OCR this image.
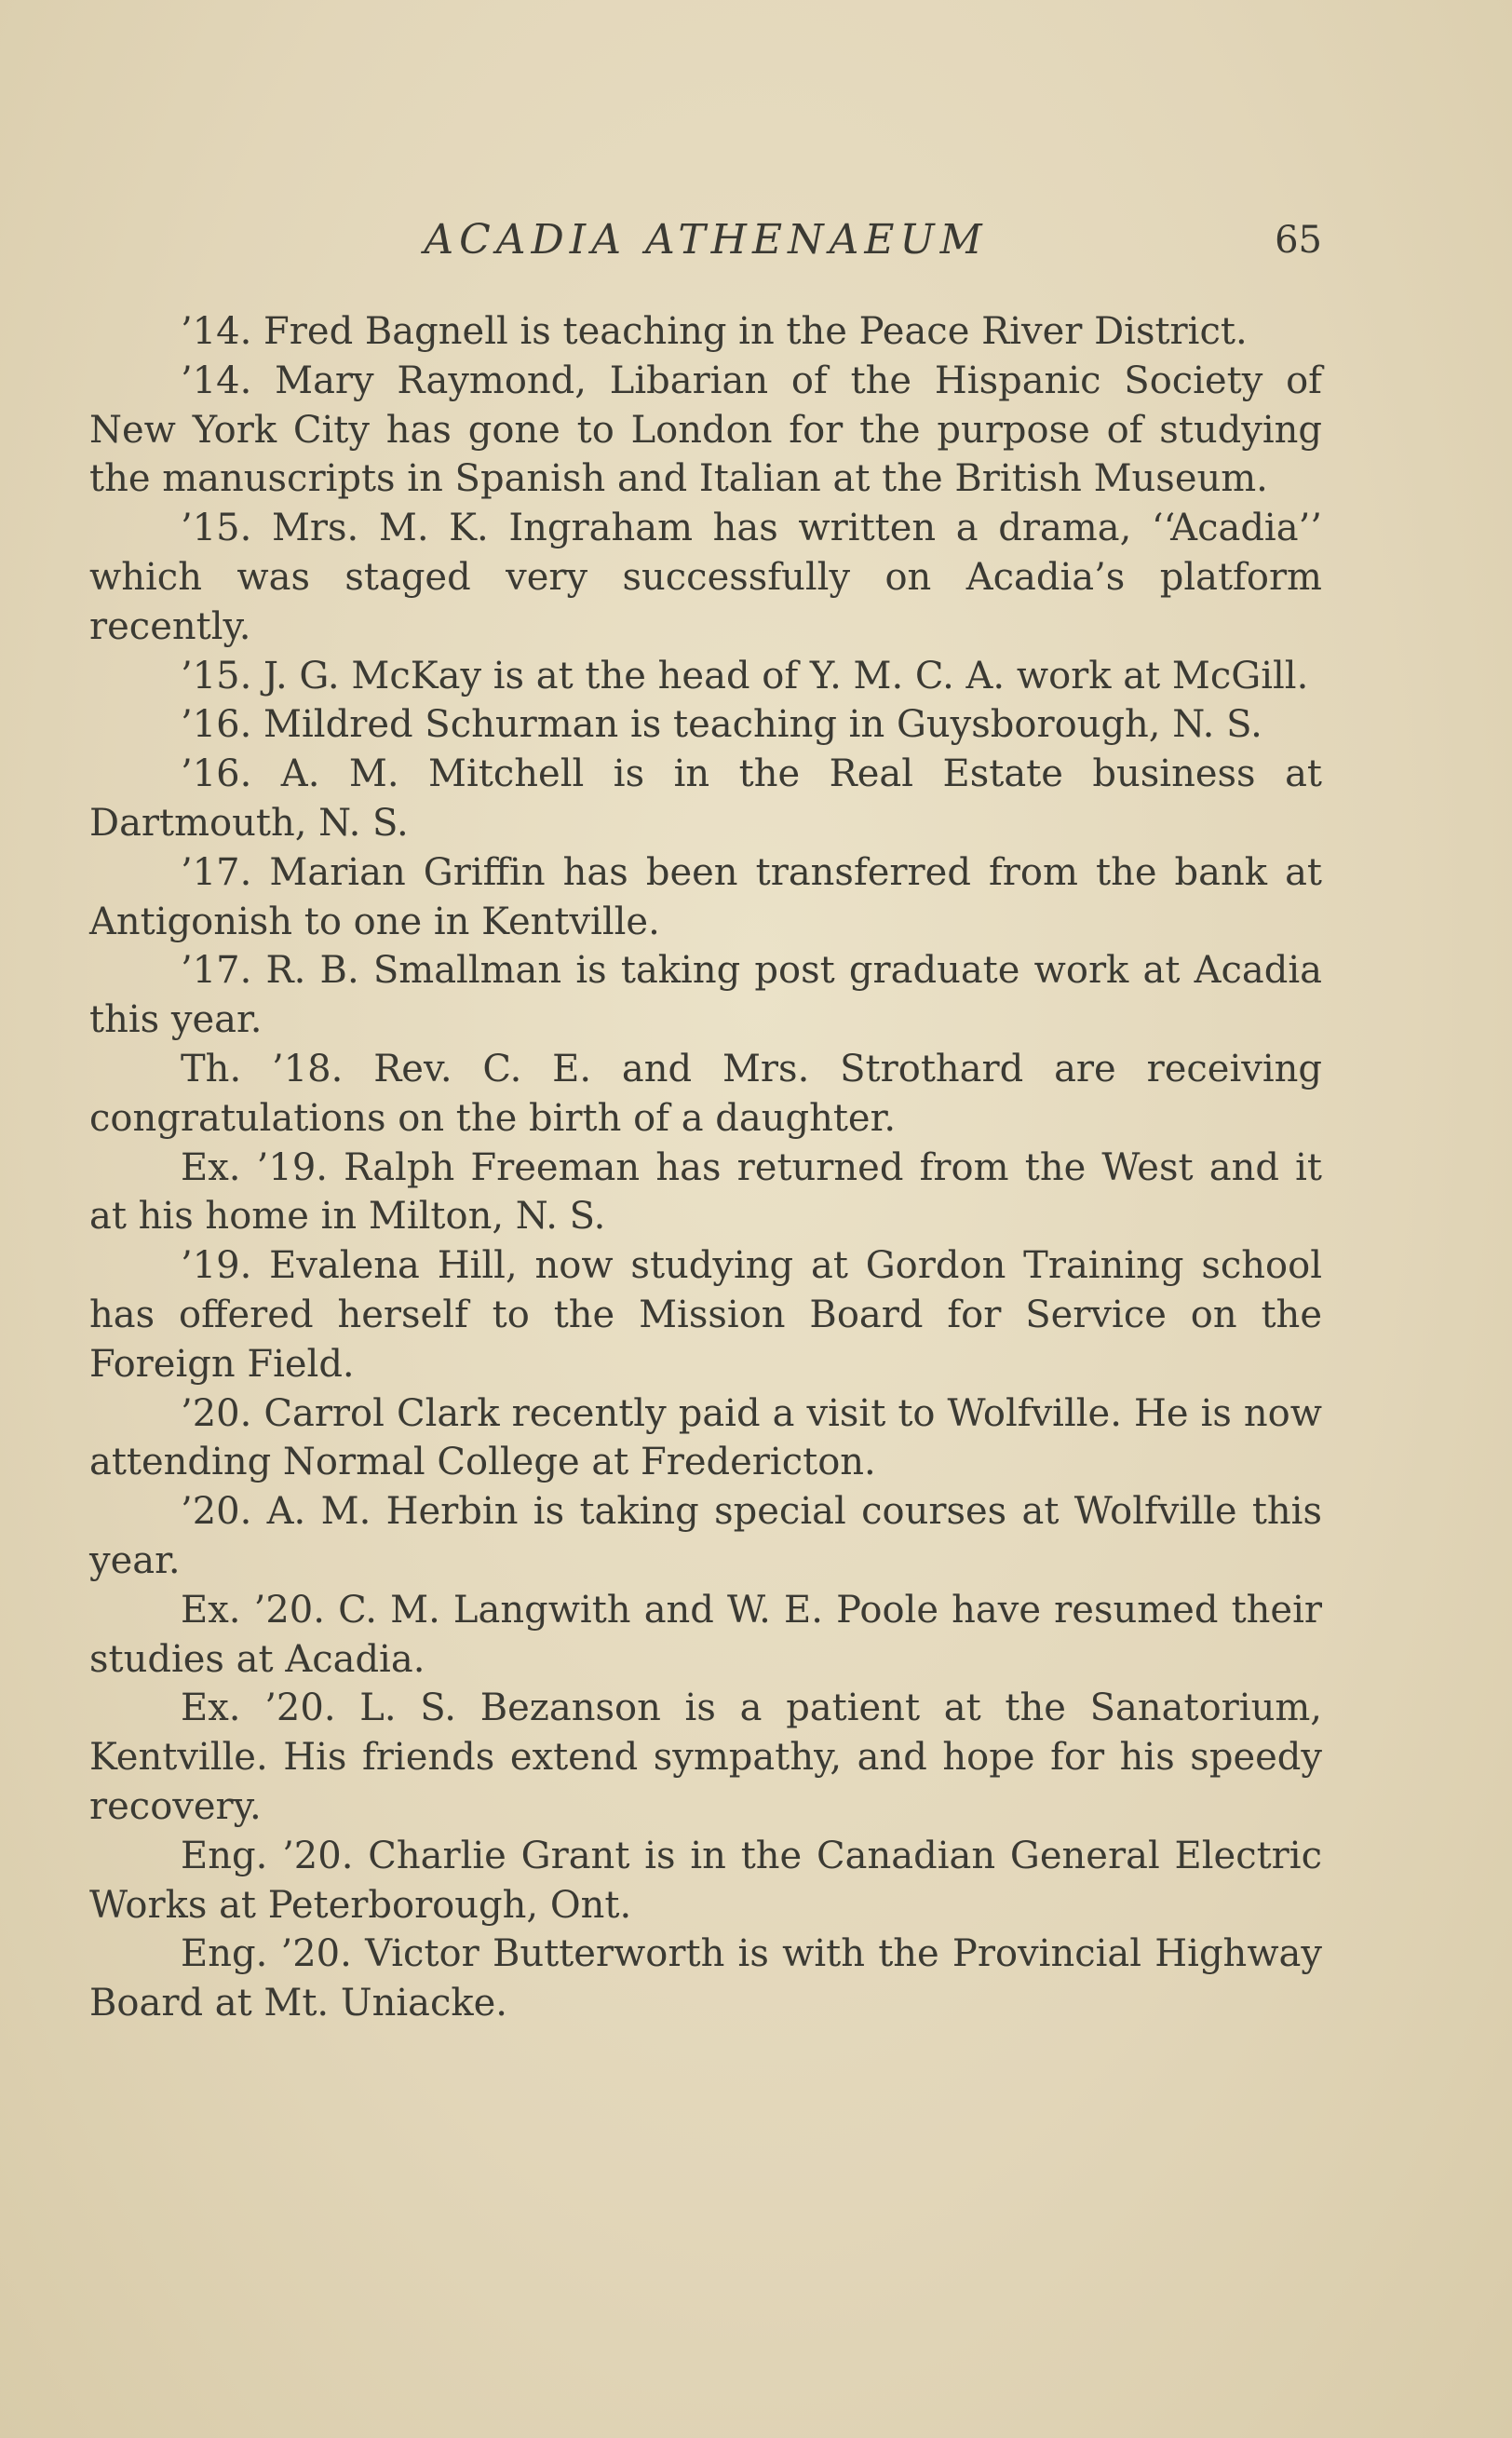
ACADIA ATHENAEUM	65

’14. Fred Bagnell is teaching in the Peace River District.

’14. Mary Raymond, Libarian of the Hispanic Society of New York City has gone to London for the purpose of studying the manuscripts in Spanish and Italian at the British Museum.

’15. Mrs. M. K. Ingraham has written a drama, ‘‘Acadia’’ which was staged very successfully on Acadia’s platform recently.

’15. J. G. McKay is at the head of Y. M. C. A. work at McGill.

’16. Mildred Schurman is teaching in Guysborough, N. S.

’16. A. M. Mitchell is in the Real Estate business at Dartmouth, N. S.

’17. Marian Griffin has been transferred from the bank at Antigonish to one in Kentville.

’17. R. B. Smallman is taking post graduate work at Acadia this year.

Th. ’18. Rev. C. E. and Mrs. Strothard are receiving congratulations on the birth of a daughter.

Ex. ’19. Ralph Freeman has returned from the West and it at his home in Milton, N. S.

’19. Evalena Hill, now studying at Gordon Training school has offered herself to the Mission Board for Service on the Foreign Field.

’20. Carrol Clark recently paid a visit to Wolfville. He is now attending Normal College at Fredericton.

’20. A. M. Herbin is taking special courses at Wolfville this year.

Ex. ’20. C. M. Langwith and W. E. Poole have resumed their studies at Acadia.

Ex. ’20. L. S. Bezanson is a patient at the Sanatorium, Kentville. His friends extend sympathy, and hope for his speedy recovery.

Eng. ’20. Charlie Grant is in the Canadian General Electric Works at Peterborough, Ont.

Eng. ’20. Victor Butterworth is with the Provincial Highway Board at Mt. Uniacke.
